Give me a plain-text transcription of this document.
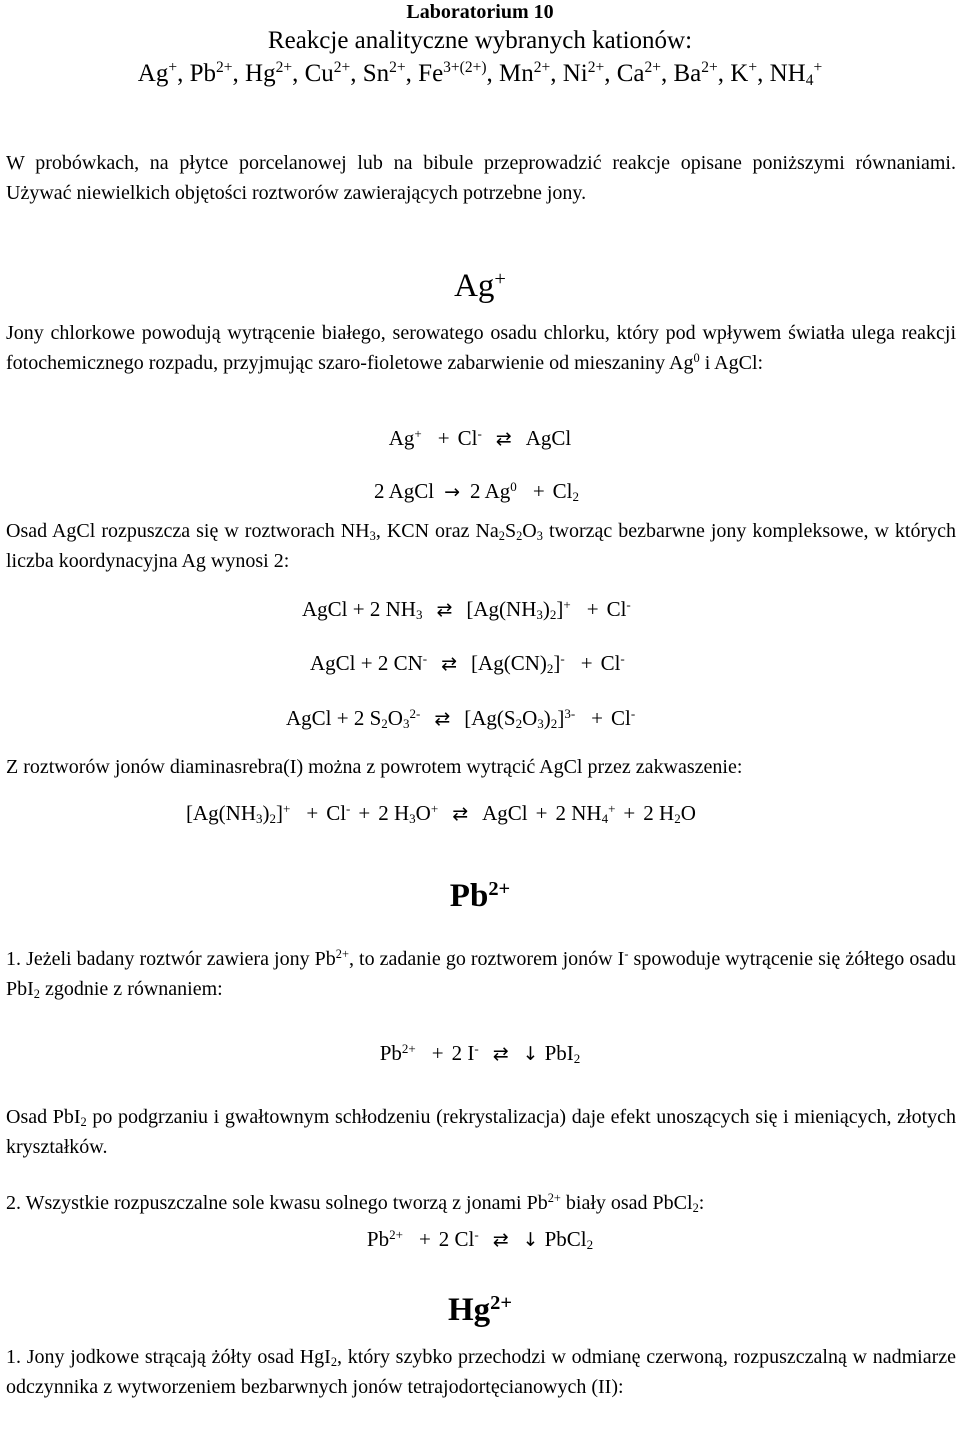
Laboratorium 10
Reakcje analityczne wybranych kationów:
Ag+, $Pb^{2+}$, $Hg^{2+}$, $Cu^{2+}$, $Sn^{2+}$, $Fe^{3+(2+)}$, $Mn^{2+}$, $Ni^{2+}$, $Ca^{2+}$, $Ba^{2+}$, K+, $NH_4^+$
W probówkach, na płytce porcelanowej lub na bibule przeprowadzić reakcje opisane poniższymi równaniami. Używać niewielkich objętości roztworów zawierających potrzebne jony.
Ag+
Jony chlorkowe powodują wytrącenie białego, serowatego osadu chlorku, który pod wpływem światła ulega reakcji fotochemicznego rozpadu, przyjmując szaro-fioletowe zabarwienie od mieszaniny Ag$^0$ i AgCl:
Ag+ + Cl- ⇄ AgCl
2 AgCl → 2 $Ag^0 + Cl_2$
Osad AgCl rozpuszcza się w roztworach $NH_3$, KCN oraz $Na_2S_2O_3$ tworząc bezbarwne jony kompleksowe, w których liczba koordynacyjna Ag wynosi 2:
AgCl + 2 $NH_3$ ⇄ $[Ag(NH_3)_2]^+ + Cl^-$
AgCl + 2 CN- ⇄ $[Ag(CN)_2]^- + Cl^-$
AgCl + 2 $S_2O_3^{2-}$ ⇄ $[Ag(S_2O_3)_2]^{3-} + Cl^-$
Z roztworów jonów diaminasrebra(I) można z powrotem wytrącić AgCl przez zakwaszenie:
$[Ag(NH_3)_2]^+ + Cl^- + 2$ $H_3O^+$ ⇄ AgCl + 2 $NH_4^+ + 2$ $H_2O$
$Pb^{2+}$
1. Jeżeli badany roztwór zawiera jony $Pb^{2+}$, to zadanie go roztworem jonów I- spowoduje wytrącenie się żółtego osadu PbI$_2$ zgodnie z równaniem:
$Pb^{2+} + 2$ I- ⇄ ↓ PbI$_2$
Osad PbI$_2$ po podgrzaniu i gwałtownym schłodzeniu (rekrystalizacja) daje efekt unoszących się i mieniących, złotych kryształków.
2. Wszystkie rozpuszczalne sole kwasu solnego tworzą z jonami $Pb^{2+}$ biały osad PbCl$_2$:
$Pb^{2+} + 2$ Cl- ⇄ ↓ PbCl$_2$
$Hg^{2+}$
1. Jony jodkowe strącają żółty osad HgI$_2$, który szybko przechodzi w odmianę czerwoną, rozpuszczalną w nadmiarze odczynnika z wytworzeniem bezbarwnych jonów tetrajodortęcianowych (II):
